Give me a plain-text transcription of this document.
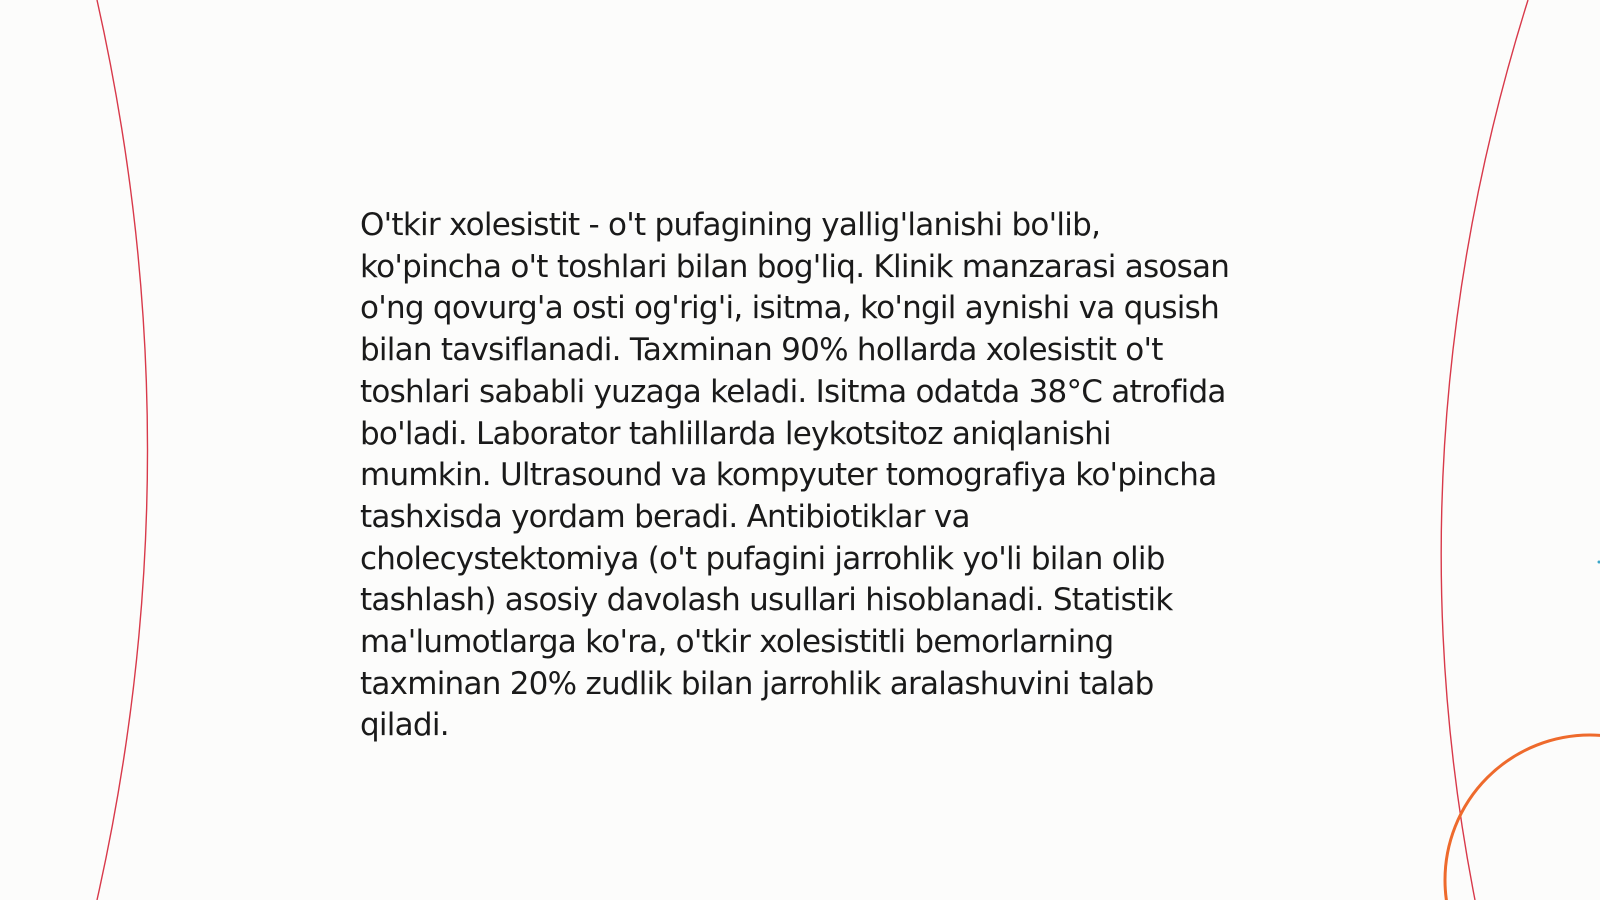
O'tkir xolesistit - o't pufagining yallig'lanishi bo'lib, ko'pincha o't toshlari bilan bog'liq. Klinik manzarasi asosan o'ng qovurg'a osti og'rig'i, isitma, ko'ngil aynishi va qusish bilan tavsiflanadi. Taxminan 90% hollarda xolesistit o't toshlari sababli yuzaga keladi. Isitma odatda 38°C atrofida bo'ladi. Laborator tahlillarda leykotsitoz aniqlanishi mumkin. Ultrasound va kompyuter tomografiya ko'pincha tashxisda yordam beradi. Antibiotiklar va cholecystektomiya (o't pufagini jarrohlik yo'li bilan olib tashlash) asosiy davolash usullari hisoblanadi. Statistik ma'lumotlarga ko'ra, o'tkir xolesistitli bemorlarning taxminan 20% zudlik bilan jarrohlik aralashuvini talab qiladi.
